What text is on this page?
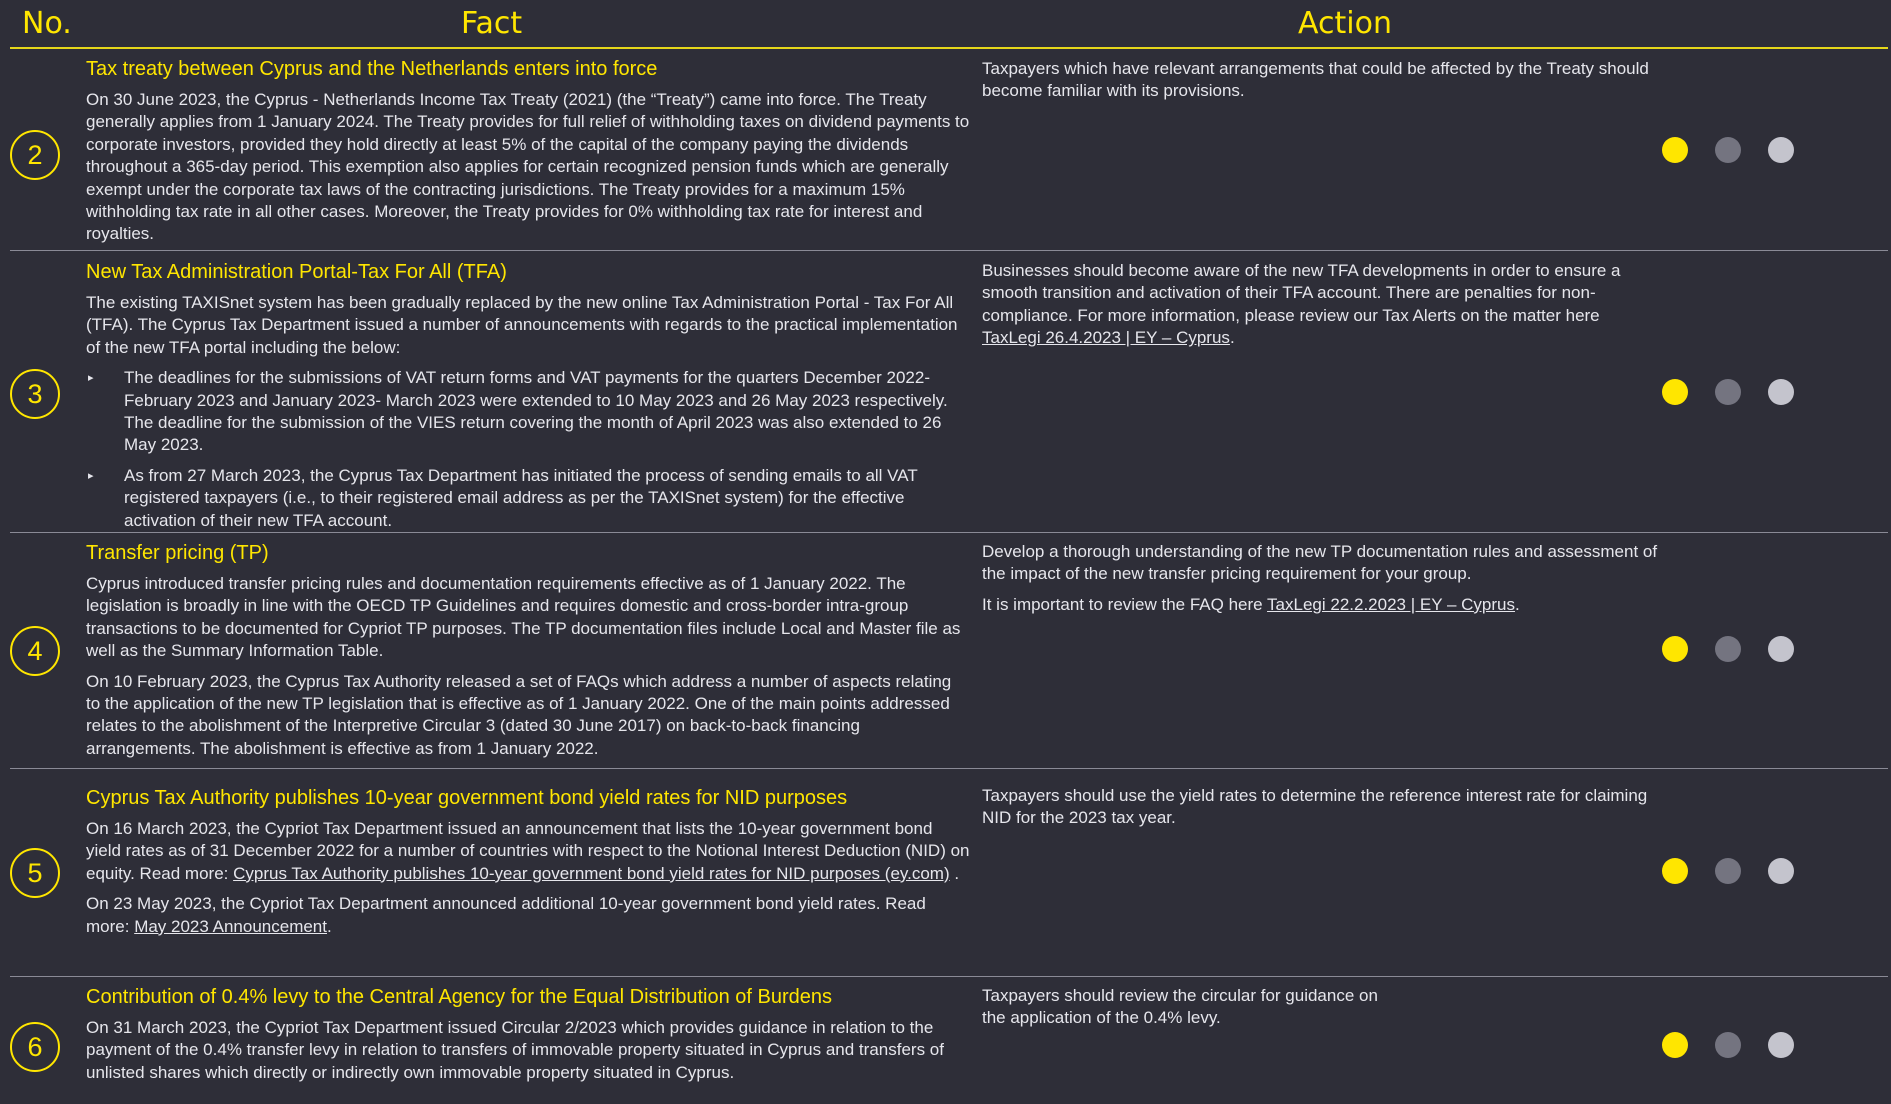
No.	Fact	Action
2
Tax treaty between Cyprus and the Netherlands enters into force
On 30 June 2023, the Cyprus - Netherlands Income Tax Treaty (2021) (the “Treaty”) came into force. The Treaty generally applies from 1 January 2024. The Treaty provides for full relief of withholding taxes on dividend payments to corporate investors, provided they hold directly at least 5% of the capital of the company paying the dividends throughout a 365-day period. This exemption also applies for certain recognized pension funds which are generally exempt under the corporate tax laws of the contracting jurisdictions. The Treaty provides for a maximum 15% withholding tax rate in all other cases. Moreover, the Treaty provides for 0% withholding tax rate for interest and royalties.
Taxpayers which have relevant arrangements that could be affected by the Treaty should become familiar with its provisions.
3
New Tax Administration Portal-Tax For All (TFA)
The existing TAXISnet system has been gradually replaced by the new online Tax Administration Portal - Tax For All (TFA). The Cyprus Tax Department issued a number of announcements with regards to the practical implementation of the new TFA portal including the below:
▸ The deadlines for the submissions of VAT return forms and VAT payments for the quarters December 2022- February 2023 and January 2023- March 2023 were extended to 10 May 2023 and 26 May 2023 respectively. The deadline for the submission of the VIES return covering the month of April 2023 was also extended to 26 May 2023.
▸ As from 27 March 2023, the Cyprus Tax Department has initiated the process of sending emails to all VAT registered taxpayers (i.e., to their registered email address as per the TAXISnet system) for the effective activation of their new TFA account.
Businesses should become aware of the new TFA developments in order to ensure a smooth transition and activation of their TFA account. There are penalties for non-compliance. For more information, please review our Tax Alerts on the matter here TaxLegi 26.4.2023 | EY – Cyprus.
4
Transfer pricing (TP)
Cyprus introduced transfer pricing rules and documentation requirements effective as of 1 January 2022. The legislation is broadly in line with the OECD TP Guidelines and requires domestic and cross-border intra-group transactions to be documented for Cypriot TP purposes. The TP documentation files include Local and Master file as well as the Summary Information Table.
On 10 February 2023, the Cyprus Tax Authority released a set of FAQs which address a number of aspects relating to the application of the new TP legislation that is effective as of 1 January 2022. One of the main points addressed relates to the abolishment of the Interpretive Circular 3 (dated 30 June 2017) on back-to-back financing arrangements. The abolishment is effective as from 1 January 2022.
Develop a thorough understanding of the new TP documentation rules and assessment of the impact of the new transfer pricing requirement for your group.
It is important to review the FAQ here TaxLegi 22.2.2023 | EY – Cyprus.
5
Cyprus Tax Authority publishes 10-year government bond yield rates for NID purposes
On 16 March 2023, the Cypriot Tax Department issued an announcement that lists the 10-year government bond yield rates as of 31 December 2022 for a number of countries with respect to the Notional Interest Deduction (NID) on equity. Read more: Cyprus Tax Authority publishes 10-year government bond yield rates for NID purposes (ey.com) .
On 23 May 2023, the Cypriot Tax Department announced additional 10-year government bond yield rates. Read more: May 2023 Announcement.
Taxpayers should use the yield rates to determine the reference interest rate for claiming NID for the 2023 tax year.
6
Contribution of 0.4% levy to the Central Agency for the Equal Distribution of Burdens
On 31 March 2023, the Cypriot Tax Department issued Circular 2/2023 which provides guidance in relation to the payment of the 0.4% transfer levy in relation to transfers of immovable property situated in Cyprus and transfers of unlisted shares which directly or indirectly own immovable property situated in Cyprus.
Taxpayers should review the circular for guidance on the application of the 0.4% levy.
